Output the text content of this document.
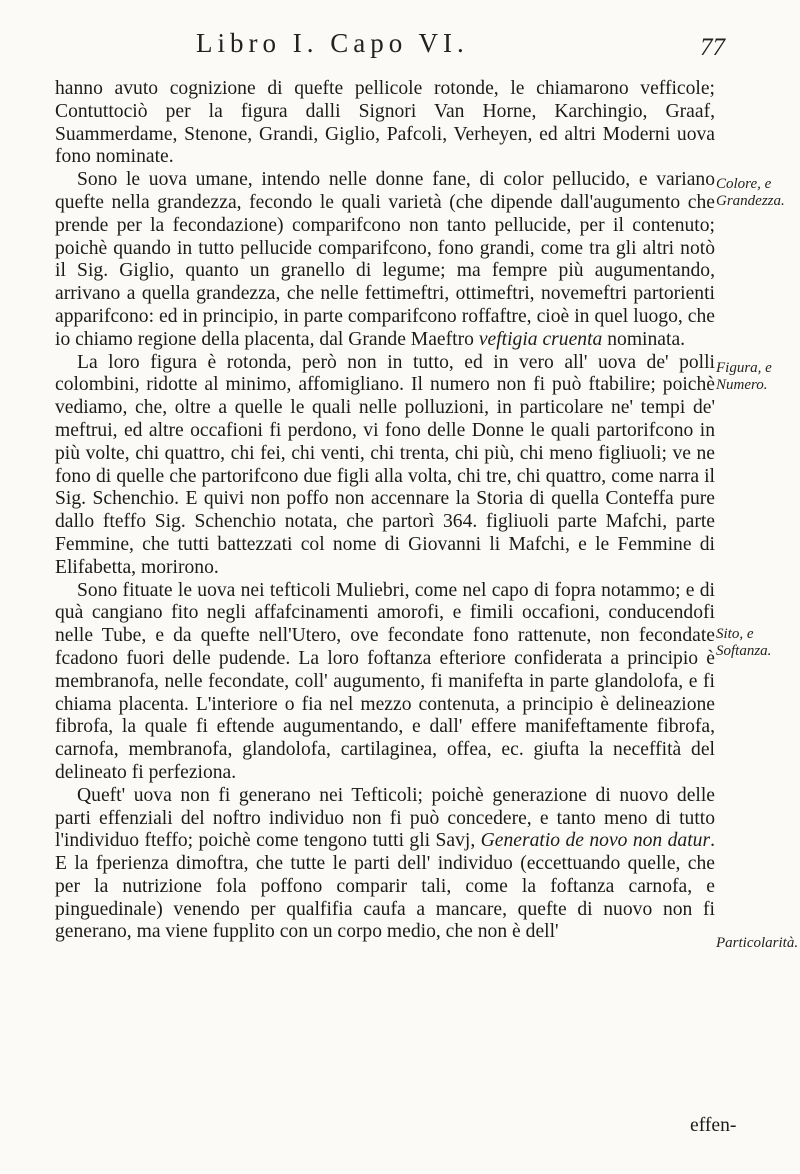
Libro I. Capo VI.	77

hanno avuto cognizione di quefte pellicole rotonde, le chiamarono vefficole; Contuttociò per la figura dalli Signori Van Horne, Karchingio, Graaf, Suammerdame, Stenone, Grandi, Giglio, Pafcoli, Verheyen, ed altri Moderni uova fono nominate.

Sono le uova umane, intendo nelle donne fane, di color pellucido, e variano quefte nella grandezza, fecondo le quali varietà (che dipende dall'augumento che prende per la fecondazione) comparifcono non tanto pellucide, per il contenuto; poichè quando in tutto pellucide comparifcono, fono grandi, come tra gli altri notò il Sig. Giglio, quanto un granello di legume; ma fempre più augumentando, arrivano a quella grandezza, che nelle fettimeftri, ottimeftri, novemeftri partorienti apparifcono: ed in principio, in parte comparifcono roffaftre, cioè in quel luogo, che io chiamo regione della placenta, dal Grande Maeftro veftigia cruenta nominata.

La loro figura è rotonda, però non in tutto, ed in vero all' uova de' polli colombini, ridotte al minimo, affomigliano. Il numero non fi può ftabilire; poichè vediamo, che, oltre a quelle le quali nelle polluzioni, in particolare ne' tempi de' meftrui, ed altre occafioni fi perdono, vi fono delle Donne le quali partorifcono in più volte, chi quattro, chi fei, chi venti, chi trenta, chi più, chi meno figliuoli; ve ne fono di quelle che partorifcono due figli alla volta, chi tre, chi quattro, come narra il Sig. Schenchio. E quivi non poffo non accennare la Storia di quella Conteffa pure dallo fteffo Sig. Schenchio notata, che partorì 364. figliuoli parte Mafchi, parte Femmine, che tutti battezzati col nome di Giovanni li Mafchi, e le Femmine di Elifabetta, morirono.

Sono fituate le uova nei tefticoli Muliebri, come nel capo di fopra notammo; e di quà cangiano fito negli affafcinamenti amorofi, e fimili occafioni, conducendofi nelle Tube, e da quefte nell'Utero, ove fecondate fono rattenute, non fecondate fcadono fuori delle pudende. La loro foftanza efteriore confiderata a principio è membranofa, nelle fecondate, coll' augumento, fi manifefta in parte glandolofa, e fi chiama placenta. L'interiore o fia nel mezzo contenuta, a principio è delineazione fibrofa, la quale fi eftende augumentando, e dall' effere manifeftamente fibrofa, carnofa, membranofa, glandolofa, cartilaginea, offea, ec. giufta la neceffità del delineato fi perfeziona.

Queft' uova non fi generano nei Tefticoli; poichè generazione di nuovo delle parti effenziali del noftro individuo non fi può concedere, e tanto meno di tutto l'individuo fteffo; poichè come tengono tutti gli Savj, Generatio de novo non datur. E la fperienza dimoftra, che tutte le parti dell' individuo (eccettuando quelle, che per la nutrizione fola poffono comparir tali, come la foftanza carnofa, e pinguedinale) venendo per qualfifia caufa a mancare, quefte di nuovo non fi generano, ma viene fupplito con un corpo medio, che non è dell'

Colore, e Grandezza.
Figura, e Numero.
Sito, e Softanza.
Particolarità.
effen-
